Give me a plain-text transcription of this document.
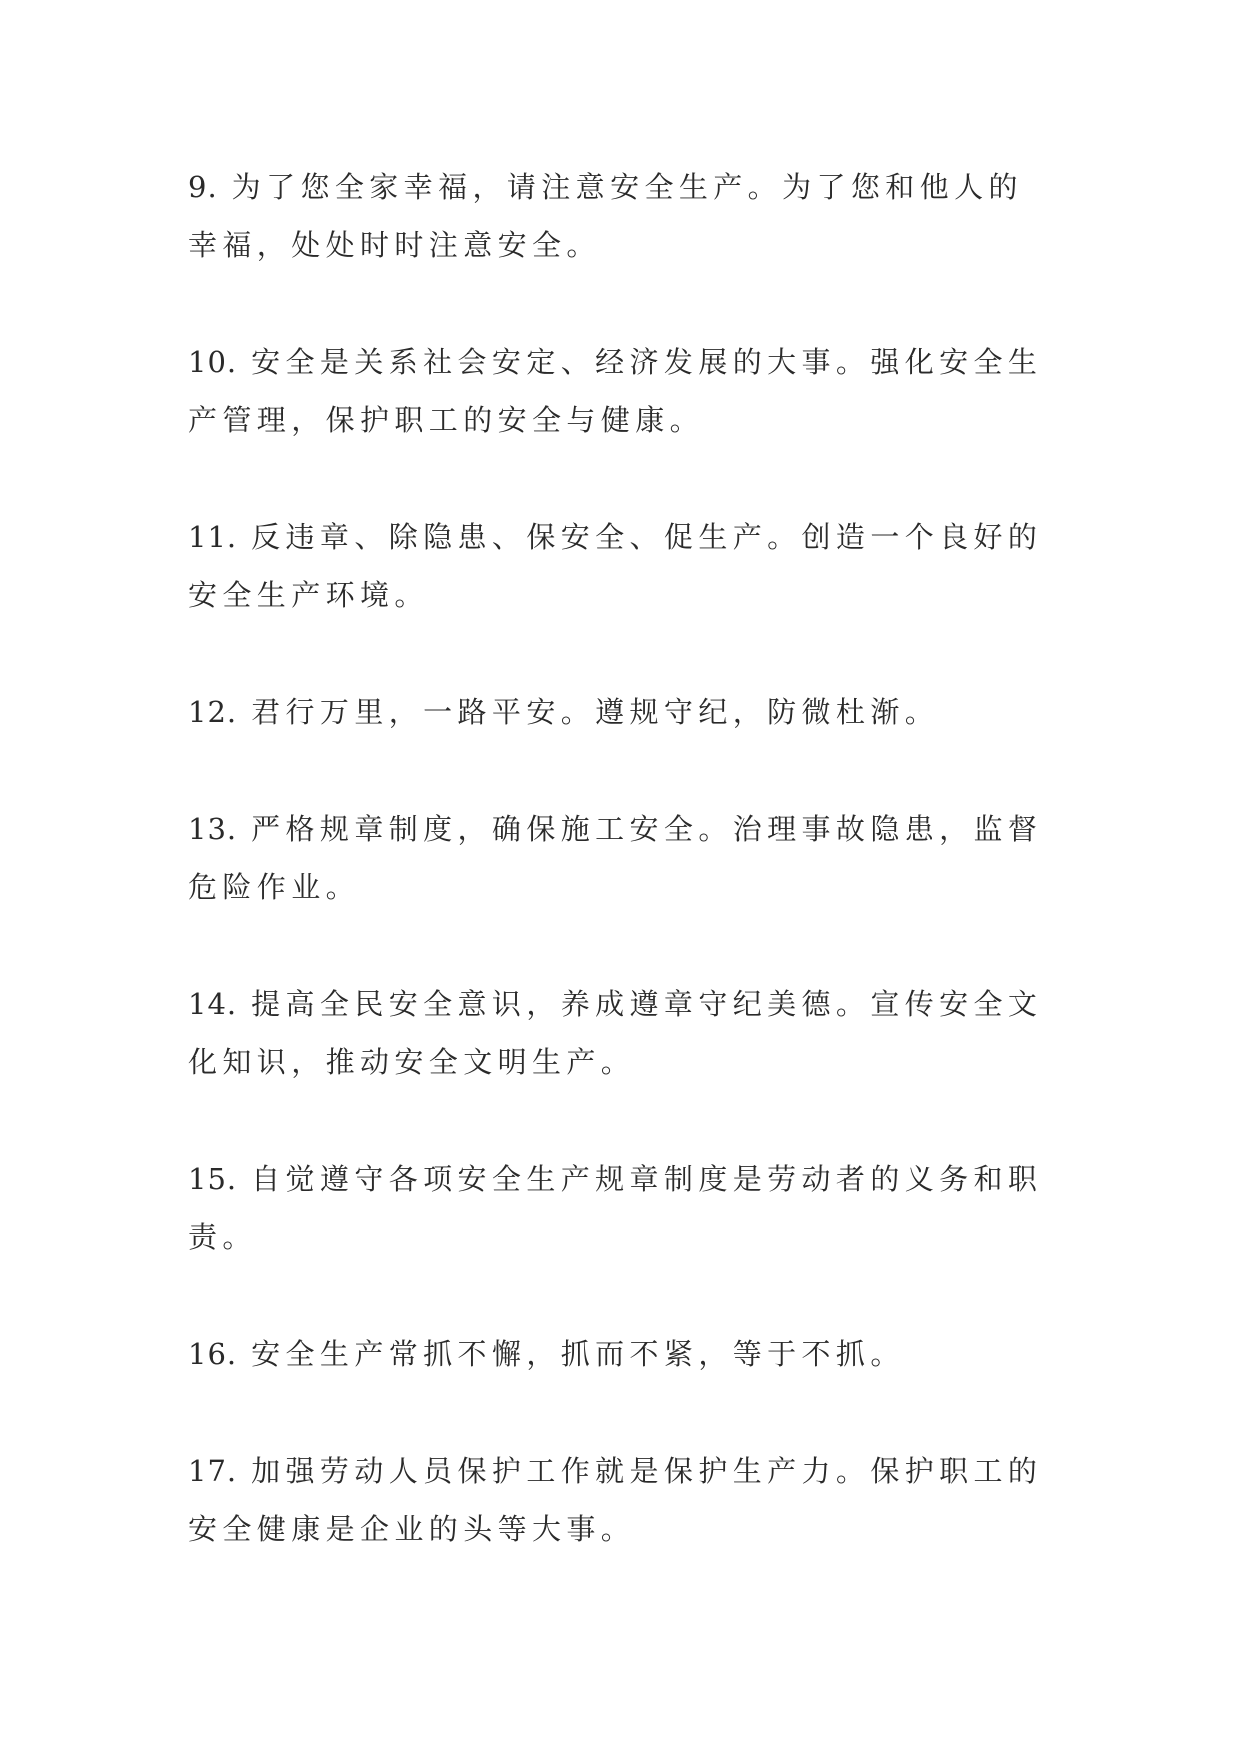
9. 为了您全家幸福，请注意安全生产。为了您和他人的幸福，处处时时注意安全。

10. 安全是关系社会安定、经济发展的大事。强化安全生产管理，保护职工的安全与健康。

11. 反违章、除隐患、保安全、促生产。创造一个良好的安全生产环境。

12. 君行万里，一路平安。遵规守纪，防微杜渐。

13. 严格规章制度，确保施工安全。治理事故隐患，监督危险作业。

14. 提高全民安全意识，养成遵章守纪美德。宣传安全文化知识，推动安全文明生产。

15. 自觉遵守各项安全生产规章制度是劳动者的义务和职责。

16. 安全生产常抓不懈，抓而不紧，等于不抓。

17. 加强劳动人员保护工作就是保护生产力。保护职工的安全健康是企业的头等大事。
